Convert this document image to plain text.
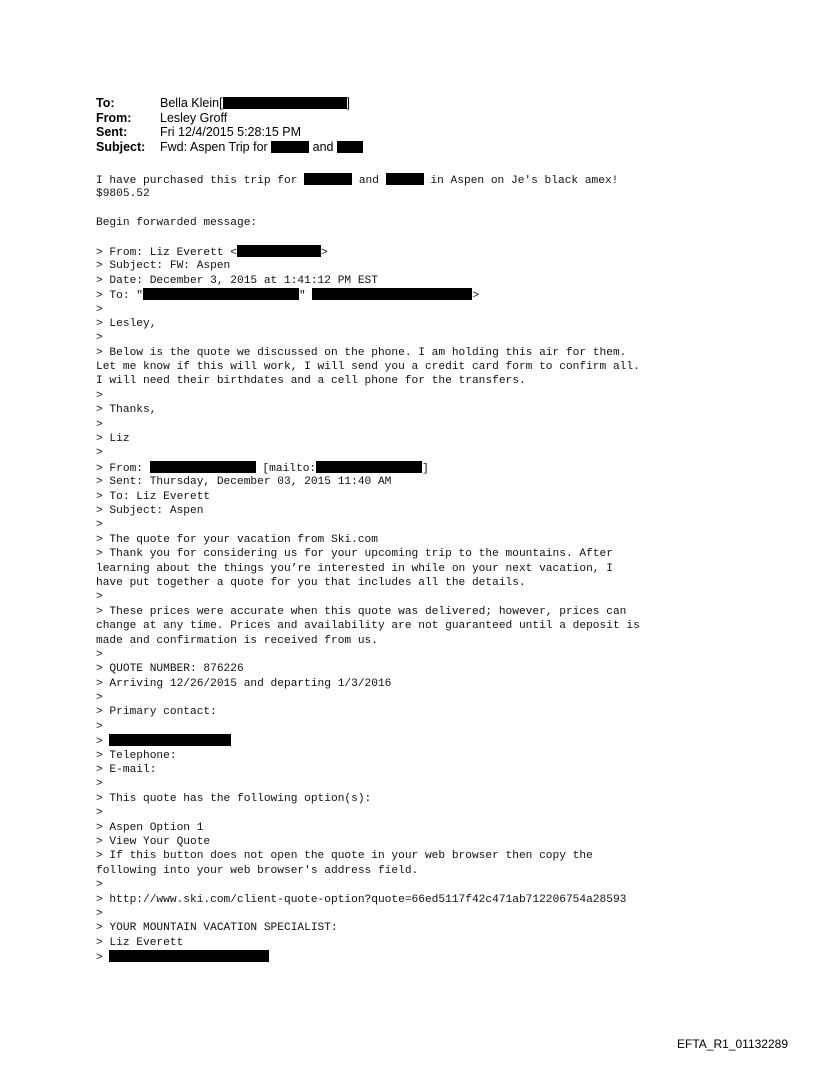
To:	Bella Klein[	]
From: Lesley Groff
Sent:	Fri 12/4/2015 5:28:15 PM
Subject: Fwd: Aspen Trip for	and
I have purchased this trip for	and	in Aspen on Je's black amex!
$9805.52
Begin forwarded message:
> From: Liz Everett <	>
> Subject: FW: Aspen
> Date: December 3, 2015 at 1:41:12 PM EST
> To: "	"	>
>
> Lesley,
>
> Below is the quote we discussed on the phone. I am holding this air for them.
Let me know if this will work, I will send you a credit card form to confirm all.
I will need their birthdates and a cell phone for the transfers.
>
> Thanks,
>
> Liz
>
> From:	[mailto:	]
> Sent: Thursday, December 03, 2015 11:40 AM
> To: Liz Everett
> Subject: Aspen
>
> The quote for your vacation from Ski.com
> Thank you for considering us for your upcoming trip to the mountains. After
learning about the things you’re interested in while on your next vacation, I
have put together a quote for you that includes all the details.
>
> These prices were accurate when this quote was delivered; however, prices can
change at any time. Prices and availability are not guaranteed until a deposit is
made and confirmation is received from us.
>
> QUOTE NUMBER: 876226
> Arriving 12/26/2015 and departing 1/3/2016
>
> Primary contact:
>
>
> Telephone:
> E-mail:
>
> This quote has the following option(s):
>
> Aspen Option 1
> View Your Quote
> If this button does not open the quote in your web browser then copy the
following into your web browser's address field.
>
> http://www.ski.com/client-quote-option?quote=66ed5117f42c471ab712206754a28593
>
> YOUR MOUNTAIN VACATION SPECIALIST:
> Liz Everett
>
EFTA_R1_01132289
